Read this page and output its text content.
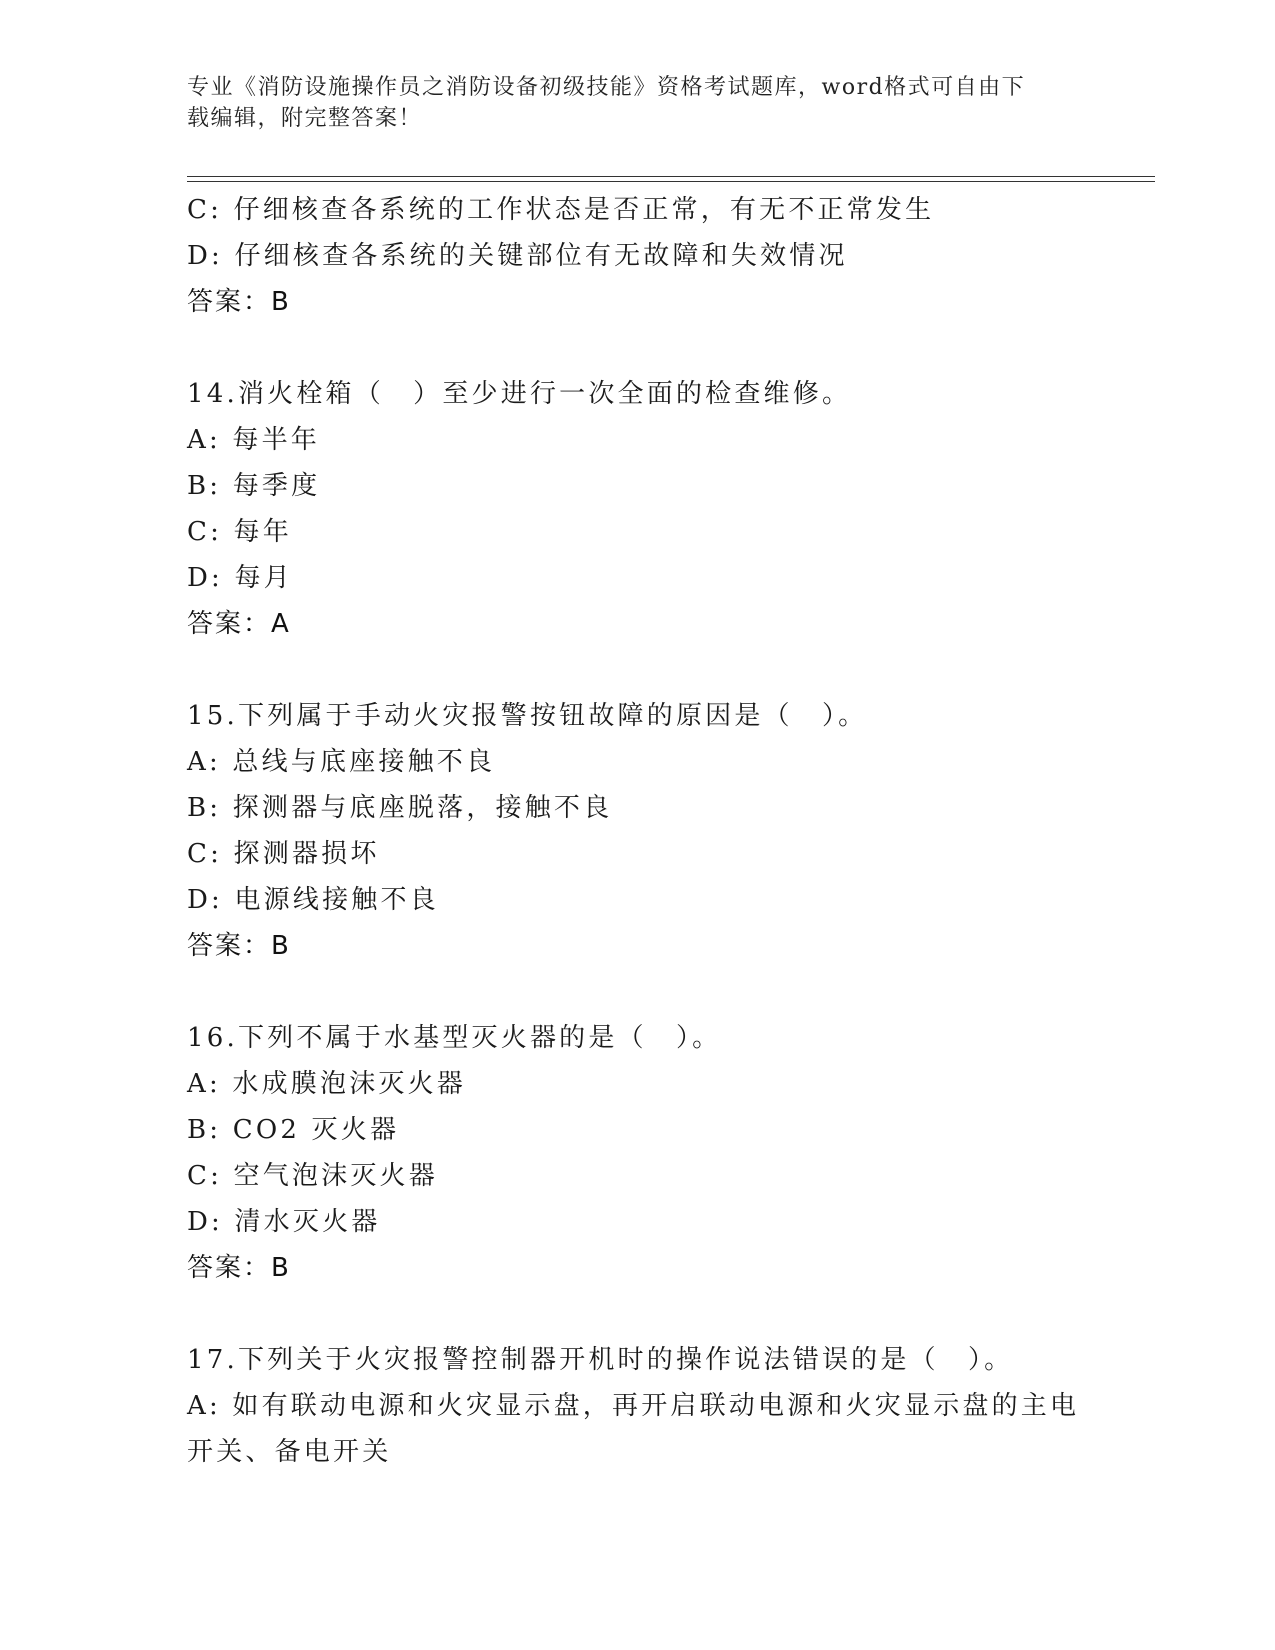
专业《消防设施操作员之消防设备初级技能》资格考试题库，word格式可自由下
载编辑，附完整答案！
C: 仔细核查各系统的工作状态是否正常，有无不正常发生
D: 仔细核查各系统的关键部位有无故障和失效情况
答案：B
14.消火栓箱（　）至少进行一次全面的检查维修。
A: 每半年
B: 每季度
C: 每年
D: 每月
答案：A
15.下列属于手动火灾报警按钮故障的原因是（　）。
A: 总线与底座接触不良
B: 探测器与底座脱落，接触不良
C: 探测器损坏
D: 电源线接触不良
答案：B
16.下列不属于水基型灭火器的是（　）。
A: 水成膜泡沫灭火器
B: CO2 灭火器
C: 空气泡沫灭火器
D: 清水灭火器
答案：B
17.下列关于火灾报警控制器开机时的操作说法错误的是（　）。
A: 如有联动电源和火灾显示盘，再开启联动电源和火灾显示盘的主电
开关、备电开关
